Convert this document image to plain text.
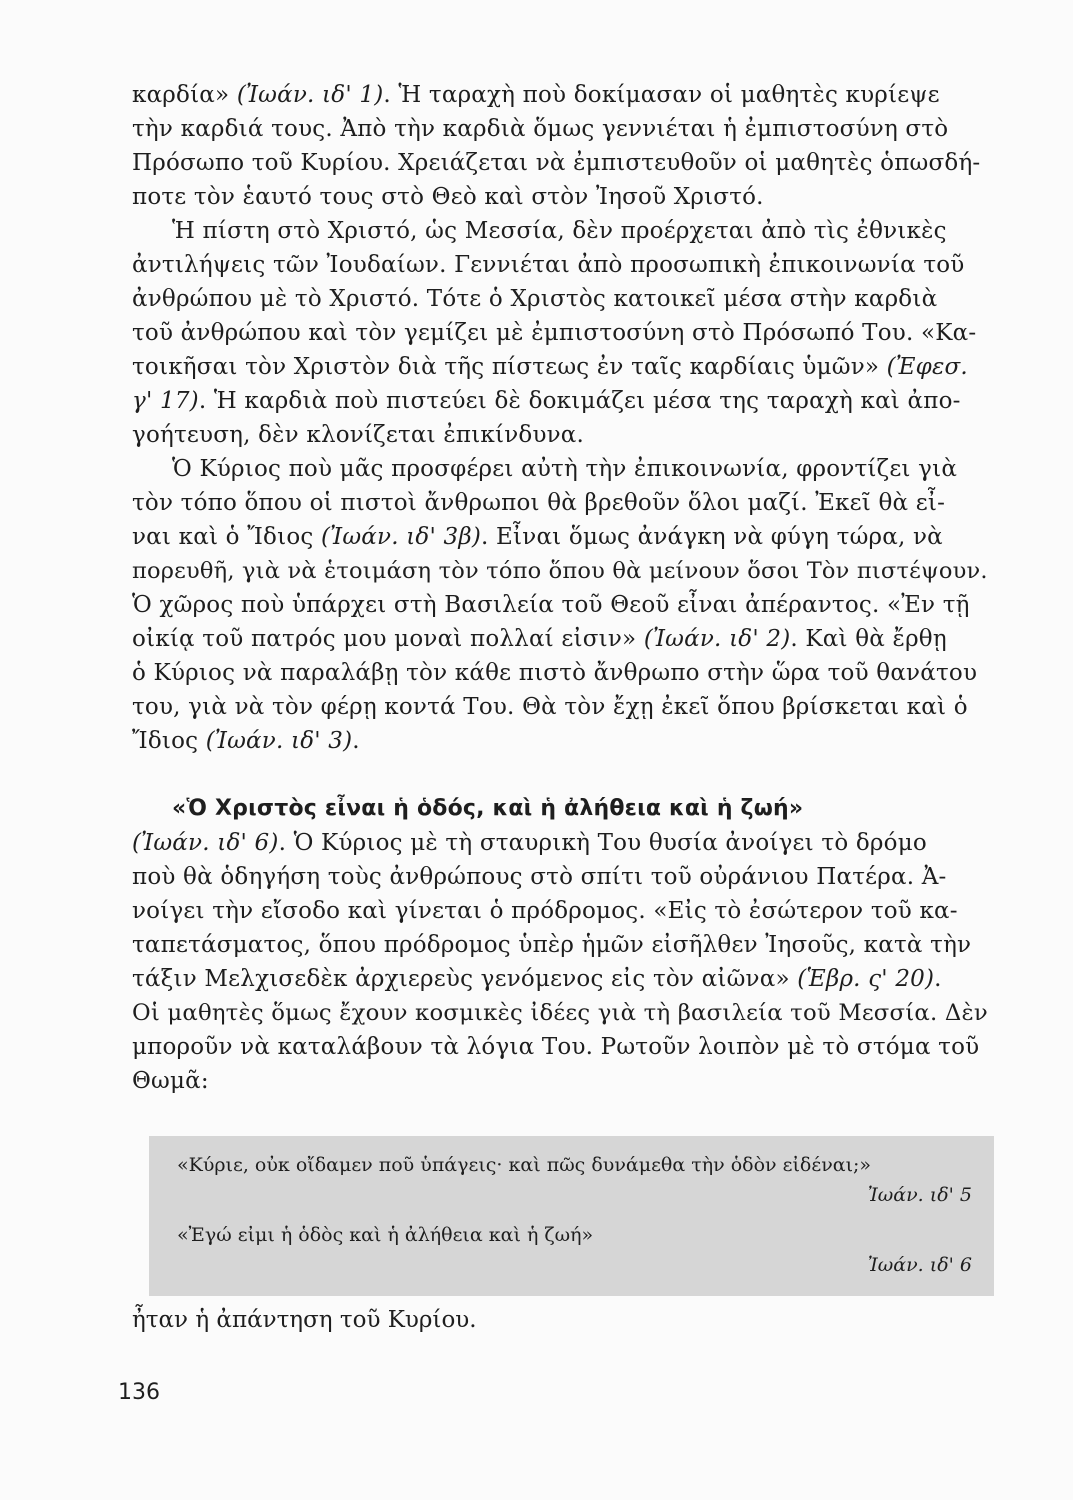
καρδία» (Ἰωάν. ιδ' 1). Ἡ ταραχὴ ποὺ δοκίμασαν οἱ μαθητὲς κυρίεψε
τὴν καρδιά τους. Ἀπὸ τὴν καρδιὰ ὅμως γεννιέται ἡ ἐμπιστοσύνη στὸ
Πρόσωπο τοῦ Κυρίου. Χρειάζεται νὰ ἐμπιστευθοῦν οἱ μαθητὲς ὁπωσδή-
ποτε τὸν ἑαυτό τους στὸ Θεὸ καὶ στὸν Ἰησοῦ Χριστό.
Ἡ πίστη στὸ Χριστό, ὡς Μεσσία, δὲν προέρχεται ἀπὸ τὶς ἐθνικὲς
ἀντιλήψεις τῶν Ἰουδαίων. Γεννιέται ἀπὸ προσωπικὴ ἐπικοινωνία τοῦ
ἀνθρώπου μὲ τὸ Χριστό. Τότε ὁ Χριστὸς κατοικεῖ μέσα στὴν καρδιὰ
τοῦ ἀνθρώπου καὶ τὸν γεμίζει μὲ ἐμπιστοσύνη στὸ Πρόσωπό Του. «Κα-
τοικῆσαι τὸν Χριστὸν διὰ τῆς πίστεως ἐν ταῖς καρδίαις ὑμῶν» (Ἐφεσ.
γ' 17). Ἡ καρδιὰ ποὺ πιστεύει δὲ δοκιμάζει μέσα της ταραχὴ καὶ ἀπο-
γοήτευση, δὲν κλονίζεται ἐπικίνδυνα.
Ὁ Κύριος ποὺ μᾶς προσφέρει αὐτὴ τὴν ἐπικοινωνία, φροντίζει γιὰ
τὸν τόπο ὅπου οἱ πιστοὶ ἄνθρωποι θὰ βρεθοῦν ὅλοι μαζί. Ἐκεῖ θὰ εἶ-
ναι καὶ ὁ Ἴδιος (Ἰωάν. ιδ' 3β). Εἶναι ὅμως ἀνάγκη νὰ φύγη τώρα, νὰ
πορευθῆ, γιὰ νὰ ἑτοιμάση τὸν τόπο ὅπου θὰ μείνουν ὅσοι Τὸν πιστέψουν.
Ὁ χῶρος ποὺ ὑπάρχει στὴ Βασιλεία τοῦ Θεοῦ εἶναι ἀπέραντος. «Ἐν τῇ
οἰκίᾳ τοῦ πατρός μου μοναὶ πολλαί εἰσιν» (Ἰωάν. ιδ' 2). Καὶ θὰ ἔρθῃ
ὁ Κύριος νὰ παραλάβῃ τὸν κάθε πιστὸ ἄνθρωπο στὴν ὥρα τοῦ θανάτου
του, γιὰ νὰ τὸν φέρῃ κοντά Του. Θὰ τὸν ἔχῃ ἐκεῖ ὅπου βρίσκεται καὶ ὁ
Ἴδιος (Ἰωάν. ιδ' 3).
«Ὁ Χριστὸς εἶναι ἡ ὁδός, καὶ ἡ ἀλήθεια καὶ ἡ ζωή»
(Ἰωάν. ιδ' 6). Ὁ Κύριος μὲ τὴ σταυρικὴ Του θυσία ἀνοίγει τὸ δρόμο
ποὺ θὰ ὁδηγήση τοὺς ἀνθρώπους στὸ σπίτι τοῦ οὐράνιου Πατέρα. Ἀ-
νοίγει τὴν εἴσοδο καὶ γίνεται ὁ πρόδρομος. «Εἰς τὸ ἐσώτερον τοῦ κα-
ταπετάσματος, ὅπου πρόδρομος ὑπὲρ ἡμῶν εἰσῆλθεν Ἰησοῦς, κατὰ τὴν
τάξιν Μελχισεδὲκ ἀρχιερεὺς γενόμενος εἰς τὸν αἰῶνα» (Ἑβρ. ς' 20).
Οἱ μαθητὲς ὅμως ἔχουν κοσμικὲς ἰδέες γιὰ τὴ βασιλεία τοῦ Μεσσία. Δὲν
μποροῦν νὰ καταλάβουν τὰ λόγια Του. Ρωτοῦν λοιπὸν μὲ τὸ στόμα τοῦ
Θωμᾶ:
«Κύριε, οὐκ οἴδαμεν ποῦ ὑπάγεις· καὶ πῶς δυνάμεθα τὴν ὁδὸν εἰδέναι;»
Ἰωάν. ιδ' 5
«Ἐγώ εἰμι ἡ ὁδὸς καὶ ἡ ἀλήθεια καὶ ἡ ζωή»
Ἰωάν. ιδ' 6
ἦταν ἡ ἀπάντηση τοῦ Κυρίου.
136
